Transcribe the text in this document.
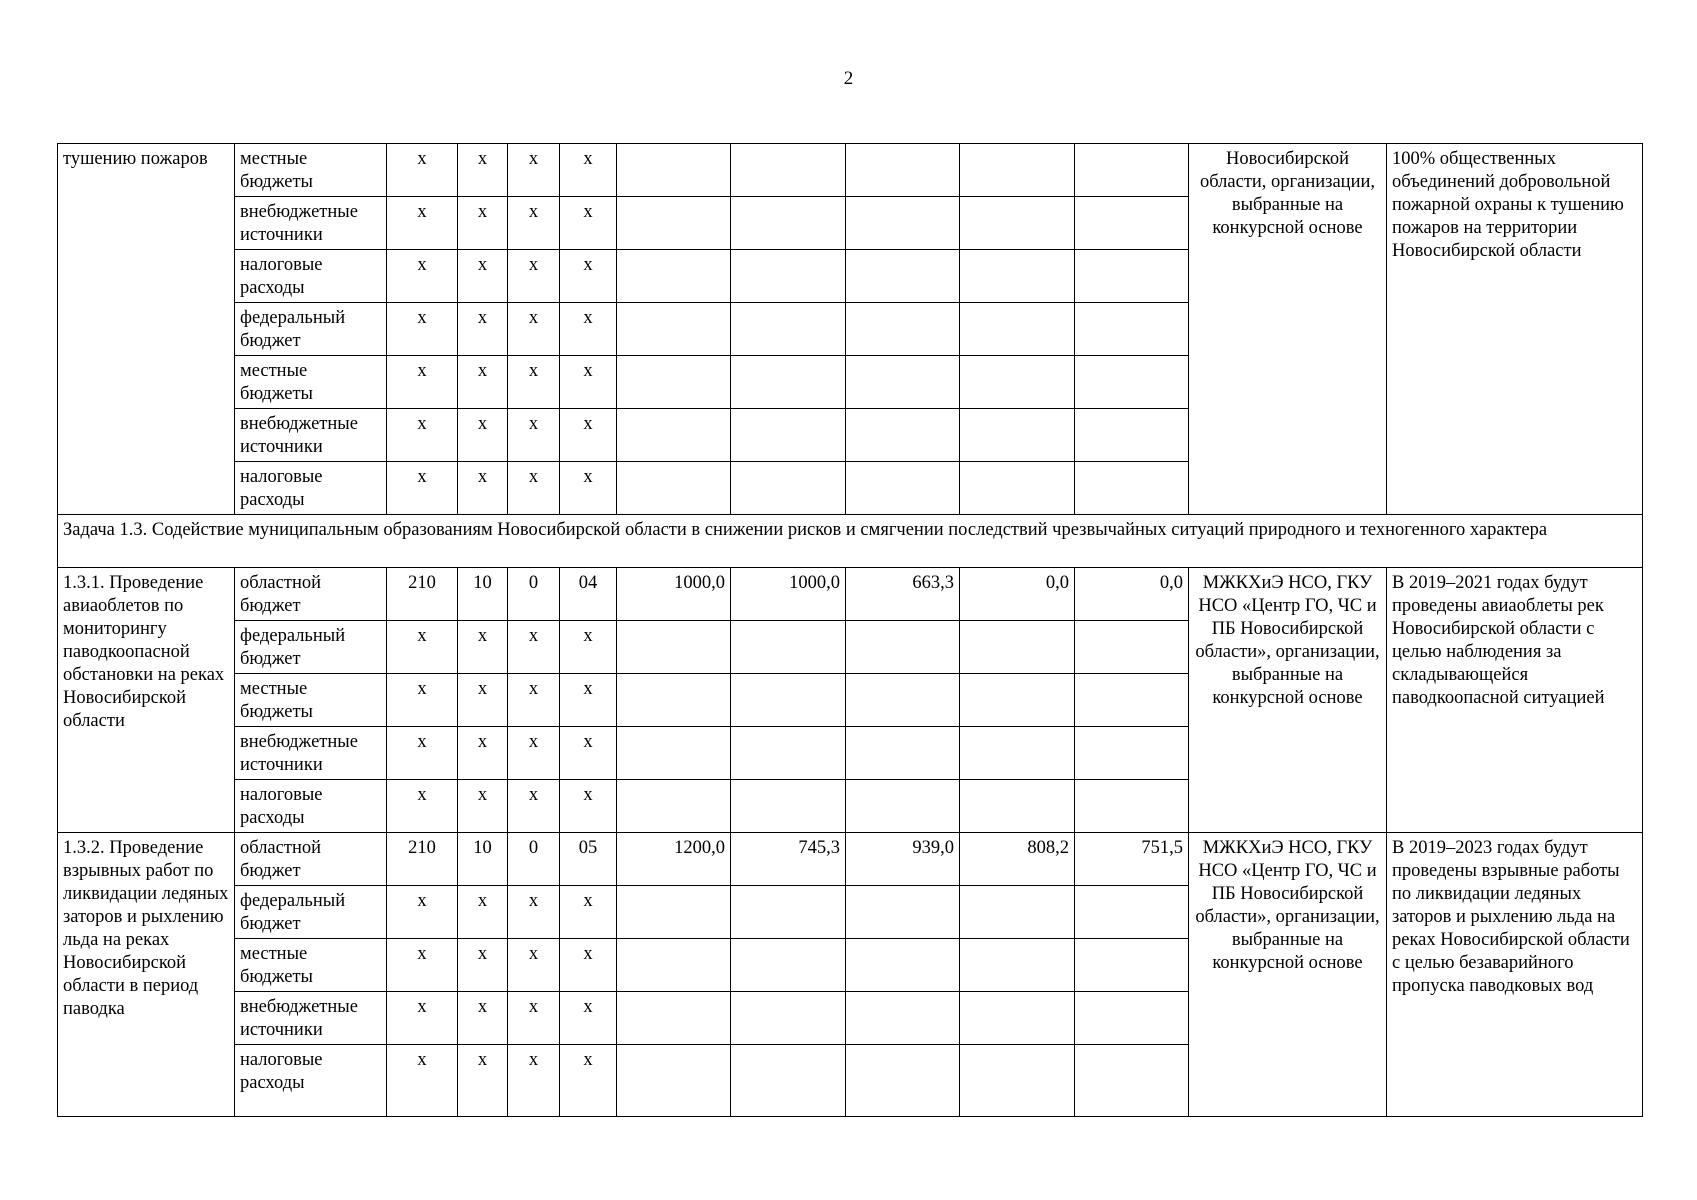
2
тушению пожаров	местные бюджеты	x	x	x	x						Новосибирской области, организации, выбранные на конкурсной основе	100% общественных объединений добровольной пожарной охраны к тушению пожаров на территории Новосибирской области
	внебюджетные источники	x	x	x	x							
	налоговые расходы	x	x	x	x							
	федеральный бюджет	x	x	x	x							
	местные бюджеты	x	x	x	x							
	внебюджетные источники	x	x	x	x							
	налоговые расходы	x	x	x	x							
Задача 1.3. Содействие муниципальным образованиям Новосибирской области в снижении рисков и смягчении последствий чрезвычайных ситуаций природного и техногенного характера												
1.3.1. Проведение авиаоблетов по мониторингу паводкоопасной обстановки на реках Новосибирской области	областной бюджет	210	10	0	04	1000,0	1000,0	663,3	0,0	0,0	МЖКХиЭ НСО, ГКУ НСО «Центр ГО, ЧС и ПБ Новосибирской области», организации, выбранные на конкурсной основе	В 2019–2021 годах будут проведены авиаоблеты рек Новосибирской области с целью наблюдения за складывающейся паводкоопасной ситуацией
	федеральный бюджет	x	x	x	x							
	местные бюджеты	x	x	x	x							
	внебюджетные источники	x	x	x	x							
	налоговые расходы	x	x	x	x							
1.3.2. Проведение взрывных работ по ликвидации ледяных заторов и рыхлению льда на реках Новосибирской области в период паводка	областной бюджет	210	10	0	05	1200,0	745,3	939,0	808,2	751,5	МЖКХиЭ НСО, ГКУ НСО «Центр ГО, ЧС и ПБ Новосибирской области», организации, выбранные на конкурсной основе	В 2019–2023 годах будут проведены взрывные работы по ликвидации ледяных заторов и рыхлению льда на реках Новосибирской области с целью безаварийного пропуска паводковых вод
	федеральный бюджет	x	x	x	x							
	местные бюджеты	x	x	x	x							
	внебюджетные источники	x	x	x	x							
	налоговые расходы	x	x	x	x							
